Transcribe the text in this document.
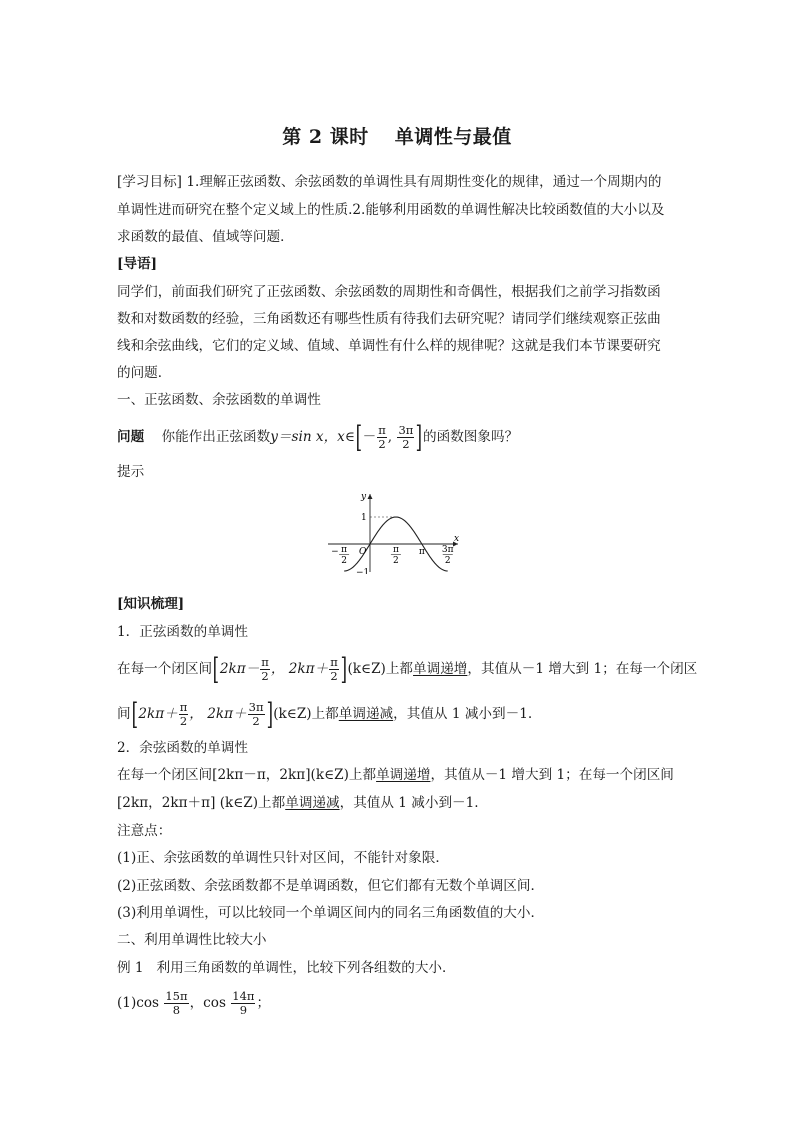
第 2 课时 单调性与最值
[学习目标] 1.理解正弦函数、余弦函数的单调性具有周期性变化的规律，通过一个周期内的
单调性进而研究在整个定义域上的性质.2.能够利用函数的单调性解决比较函数值的大小以及
求函数的最值、值域等问题．
[导语]
同学们，前面我们研究了正弦函数、余弦函数的周期性和奇偶性，根据我们之前学习指数函
数和对数函数的经验，三角函数还有哪些性质有待我们去研究呢？请同学们继续观察正弦曲
线和余弦曲线，它们的定义域、值域、单调性有什么样的规律呢？这就是我们本节课要研究
的问题．
一、正弦函数、余弦函数的单调性
问题 你能作出正弦函数y＝sin x，x∈[－ $\frac{\pi}{2}$ , $\frac{3\pi}{2}$ ]的函数图象吗？
提示
y
x
O
1
−1
− π
2
π
2
π 3π
2
[知识梳理]
1．正弦函数的单调性
在每一个闭区间[$2k\pi- \frac{\pi}{2}$ ， $2k\pi+ \frac{\pi}{2}$ ](k∈Z)上都单调递增，其值从－1 增大到 1；在每一个闭区
间[$2k\pi+ \frac{\pi}{2}$ ， $2k\pi+ \frac{3\pi}{2}$ ](k∈Z)上都单调递减，其值从 1 减小到－1.
2．余弦函数的单调性
在每一个闭区间[2kπ－π，2kπ](k∈Z)上都单调递增，其值从－1 增大到 1；在每一个闭区间
[2kπ，2kπ＋π] (k∈Z)上都单调递减，其值从 1 减小到－1.
注意点：
(1)正、余弦函数的单调性只针对区间，不能针对象限．
(2)正弦函数、余弦函数都不是单调函数，但它们都有无数个单调区间．
(3)利用单调性，可以比较同一个单调区间内的同名三角函数值的大小．
二、利用单调性比较大小
例 1 利用三角函数的单调性，比较下列各组数的大小．
$(1)\cos \frac{15\pi}{8}$ ，$\cos \frac{14\pi}{9}$ ；
